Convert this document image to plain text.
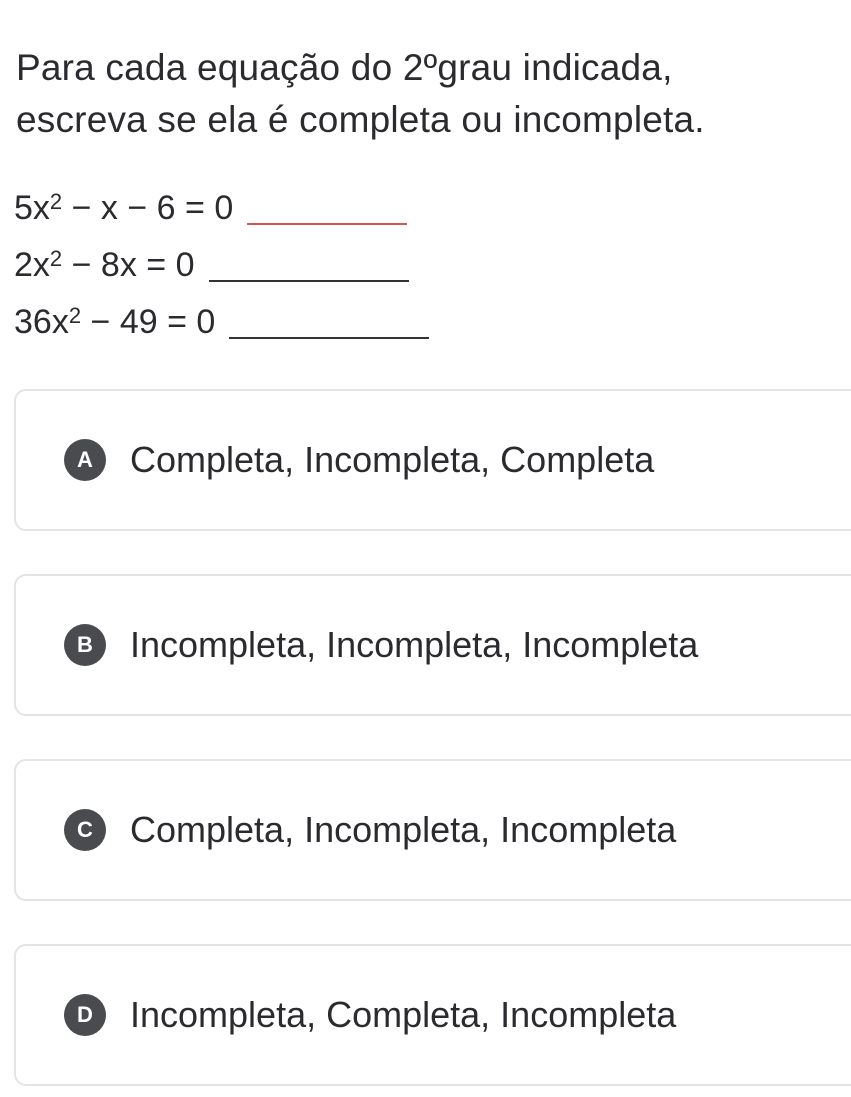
Para cada equação do 2ºgrau indicada,
escreva se ela é completa ou incompleta.
$5x^2 - x - 6 = 0$
$2x^2 - 8x = 0$
$36x^2 - 49 = 0$
A	Completa, Incompleta, Completa
B	Incompleta, Incompleta, Incompleta
C	Completa, Incompleta, Incompleta
D	Incompleta, Completa, Incompleta
